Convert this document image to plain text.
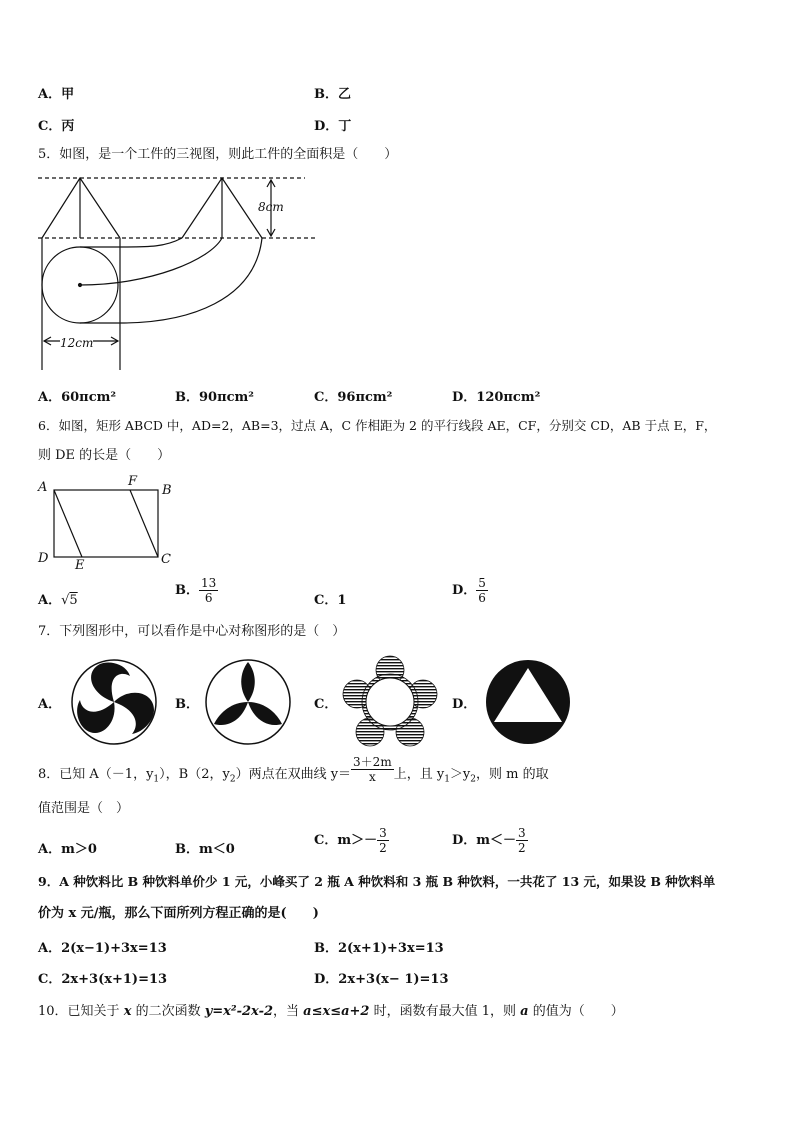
A．甲	B．乙
C．丙	D．丁
5．如图，是一个工件的三视图，则此工件的全面积是（　　）
8cm
12cm
A．60πcm²	B．90πcm²	C．96πcm²	D．120πcm²
6．如图，矩形 ABCD 中，AD=2，AB=3，过点 A，C 作相距为 2 的平行线段 AE，CF，分别交 CD，AB 于点 E，F，
则 DE 的长是（　　）
A	B
C
D E
F
A．√5
B． $\frac{13}{6}$	C．1
D． $\frac{5}{6}$
7．下列图形中，可以看作是中心对称图形的是（　）
A．	B．	C．	D．
8．已知 A（－1，$y_1$），B（2，$y_2$）两点在双曲线 $y= \frac{3+2m}{x}$ 上，且 $y_1>y_2$，则 m 的取
值范围是（　）
A．m＞0	B．m＜0
C．$m>- \frac{3}{2}$	D．$m<- \frac{3}{2}$
9．A 种饮料比 B 种饮料单价少 1 元，小峰买了 2 瓶 A 种饮料和 3 瓶 B 种饮料，一共花了 13 元，如果设 B 种饮料单
价为 x 元/瓶，那么下面所列方程正确的是(　　)
A．2(x−1)+3x=13	B．2(x+1)+3x=13
C．2x+3(x+1)=13	D．2x+3(x− 1)=13
10．已知关于 x 的二次函数 y=x²-2x-2，当 a≤x≤a+2 时，函数有最大值 1，则 a 的值为（　　）
